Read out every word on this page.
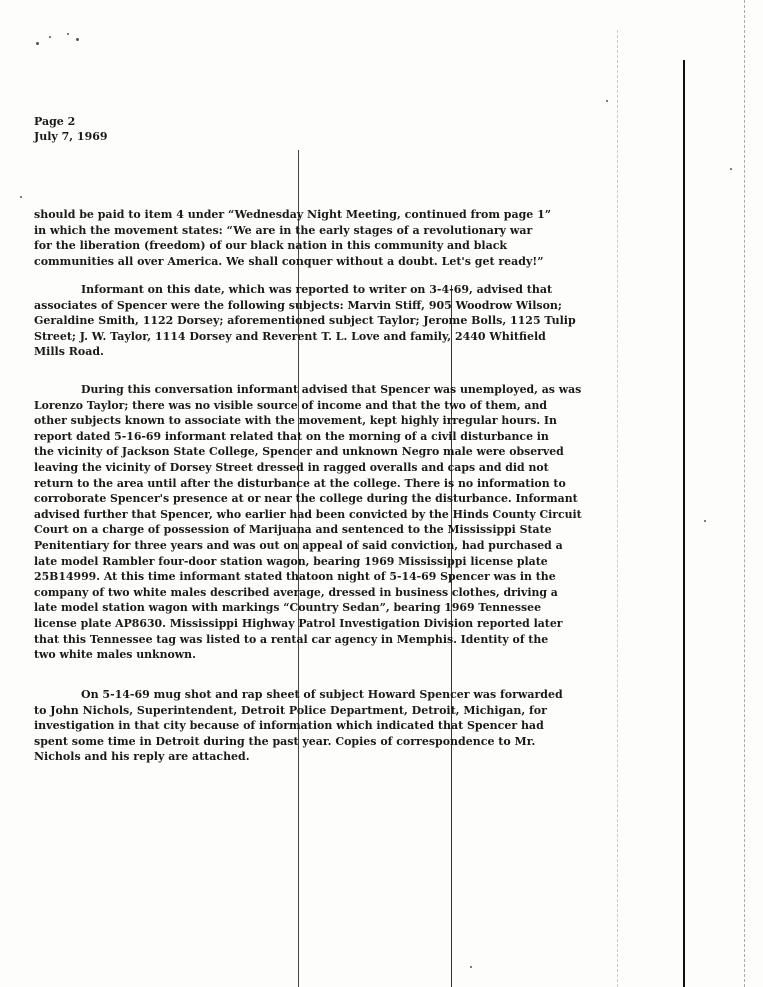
Page 2
July 7, 1969
should be paid to item 4 under “Wednesday Night Meeting, continued from page 1”
in which the movement states: “We are in the early stages of a revolutionary war
for the liberation (freedom) of our black nation in this community and black
communities all over America. We shall conquer without a doubt. Let's get ready!”
Informant on this date, which was reported to writer on 3-4-69, advised that
associates of Spencer were the following subjects: Marvin Stiff, 905 Woodrow Wilson;
Geraldine Smith, 1122 Dorsey; aforementioned subject Taylor; Jerome Bolls, 1125 Tulip
Street; J. W. Taylor, 1114 Dorsey and Reverent T. L. Love and family, 2440 Whitfield
Mills Road.
During this conversation informant advised that Spencer was unemployed, as was
Lorenzo Taylor; there was no visible source of income and that the two of them, and
other subjects known to associate with the movement, kept highly irregular hours. In
report dated 5-16-69 informant related that on the morning of a civil disturbance in
the vicinity of Jackson State College, Spencer and unknown Negro male were observed
leaving the vicinity of Dorsey Street dressed in ragged overalls and caps and did not
return to the area until after the disturbance at the college. There is no information to
corroborate Spencer's presence at or near the college during the disturbance. Informant
advised further that Spencer, who earlier had been convicted by the Hinds County Circuit
Court on a charge of possession of Marijuana and sentenced to the Mississippi State
Penitentiary for three years and was out on appeal of said conviction, had purchased a
late model Rambler four-door station wagon, bearing 1969 Mississippi license plate
25B14999. At this time informant stated thatoon night of 5-14-69 Spencer was in the
company of two white males described average, dressed in business clothes, driving a
late model station wagon with markings “Country Sedan”, bearing 1969 Tennessee
license plate AP8630. Mississippi Highway Patrol Investigation Division reported later
that this Tennessee tag was listed to a rental car agency in Memphis. Identity of the
two white males unknown.
On 5-14-69 mug shot and rap sheet of subject Howard Spencer was forwarded
to John Nichols, Superintendent, Detroit Police Department, Detroit, Michigan, for
investigation in that city because of information which indicated that Spencer had
spent some time in Detroit during the past year. Copies of correspondence to Mr.
Nichols and his reply are attached.
